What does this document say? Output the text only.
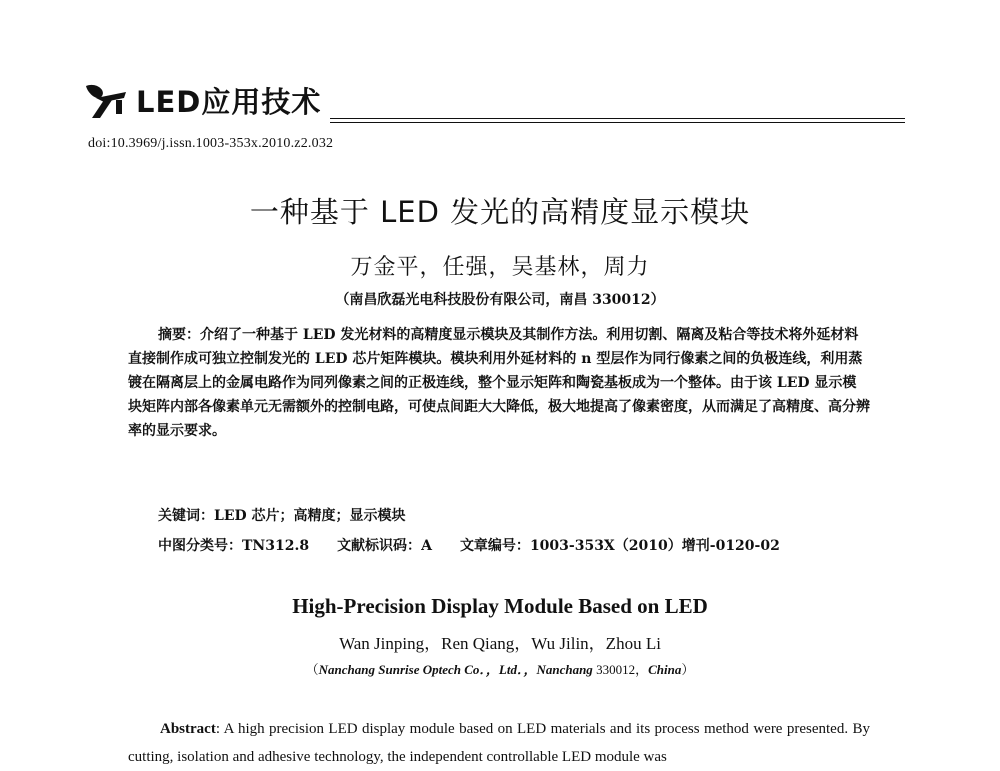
LED应用技术
doi:10.3969/j.issn.1003-353x.2010.z2.032
一种基于 LED 发光的高精度显示模块
万金平，任强，吴基林，周力
（南昌欣磊光电科技股份有限公司，南昌 330012）

摘要：介绍了一种基于 LED 发光材料的高精度显示模块及其制作方法。利用切割、隔离及粘合等技术将外延材料直接制作成可独立控制发光的 LED 芯片矩阵模块。模块利用外延材料的 n 型层作为同行像素之间的负极连线，利用蒸镀在隔离层上的金属电路作为同列像素之间的正极连线，整个显示矩阵和陶瓷基板成为一个整体。由于该 LED 显示模块矩阵内部各像素单元无需额外的控制电路，可使点间距大大降低，极大地提高了像素密度，从而满足了高精度、高分辨率的显示要求。

关键词：LED 芯片；高精度；显示模块
中图分类号：TN312.8 文献标识码：A 文章编号：1003-353X（2010）增刊-0120-02
High-Precision Display Module Based on LED
Wan Jinping，Ren Qiang，Wu Jilin，Zhou Li
（Nanchang Sunrise Optech Co．，Ltd．，Nanchang 330012，China）

Abstract: A high precision LED display module based on LED materials and its process method were presented. By cutting, isolation and adhesive technology, the independent controllable LED module was
